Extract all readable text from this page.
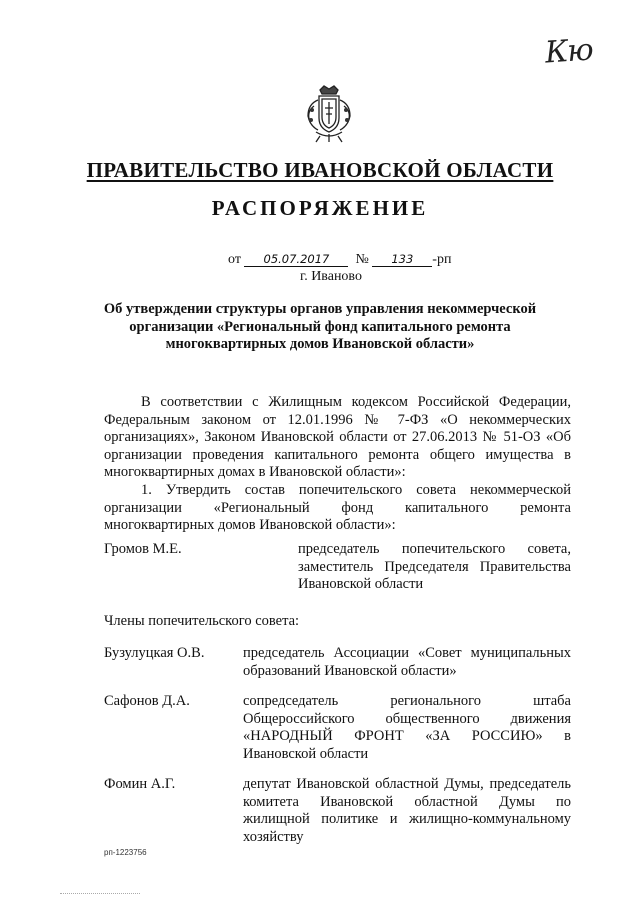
Кю
ПРАВИТЕЛЬСТВО ИВАНОВСКОЙ ОБЛАСТИ
РАСПОРЯЖЕНИЕ
от 05.07.2017 № 133 -рп
г. Иваново
Об утверждении структуры органов управления некоммерческой организации «Региональный фонд капитального ремонта многоквартирных домов Ивановской области»
В соответствии с Жилищным кодексом Российской Федерации, Федеральным законом от 12.01.1996 № 7-ФЗ «О некоммерческих организациях», Законом Ивановской области от 27.06.2013 № 51-ОЗ «Об организации проведения капитального ремонта общего имущества в многоквартирных домах в Ивановской области»:
1. Утвердить состав попечительского совета некоммерческой организации «Региональный фонд капитального ремонта многоквартирных домов Ивановской области»:
Громов М.Е.	председатель попечительского совета, заместитель Председателя Правительства Ивановской области
Члены попечительского совета:
Бузулуцкая О.В.	председатель Ассоциации «Совет муниципальных образований Ивановской области»
Сафонов Д.А.	сопредседатель регионального штаба Общероссийского общественного движения «НАРОДНЫЙ ФРОНТ «ЗА РОССИЮ» в Ивановской области
Фомин А.Г.	депутат Ивановской областной Думы, председатель комитета Ивановской областной Думы по жилищной политике и жилищно-коммунальному хозяйству
рп-1223756
